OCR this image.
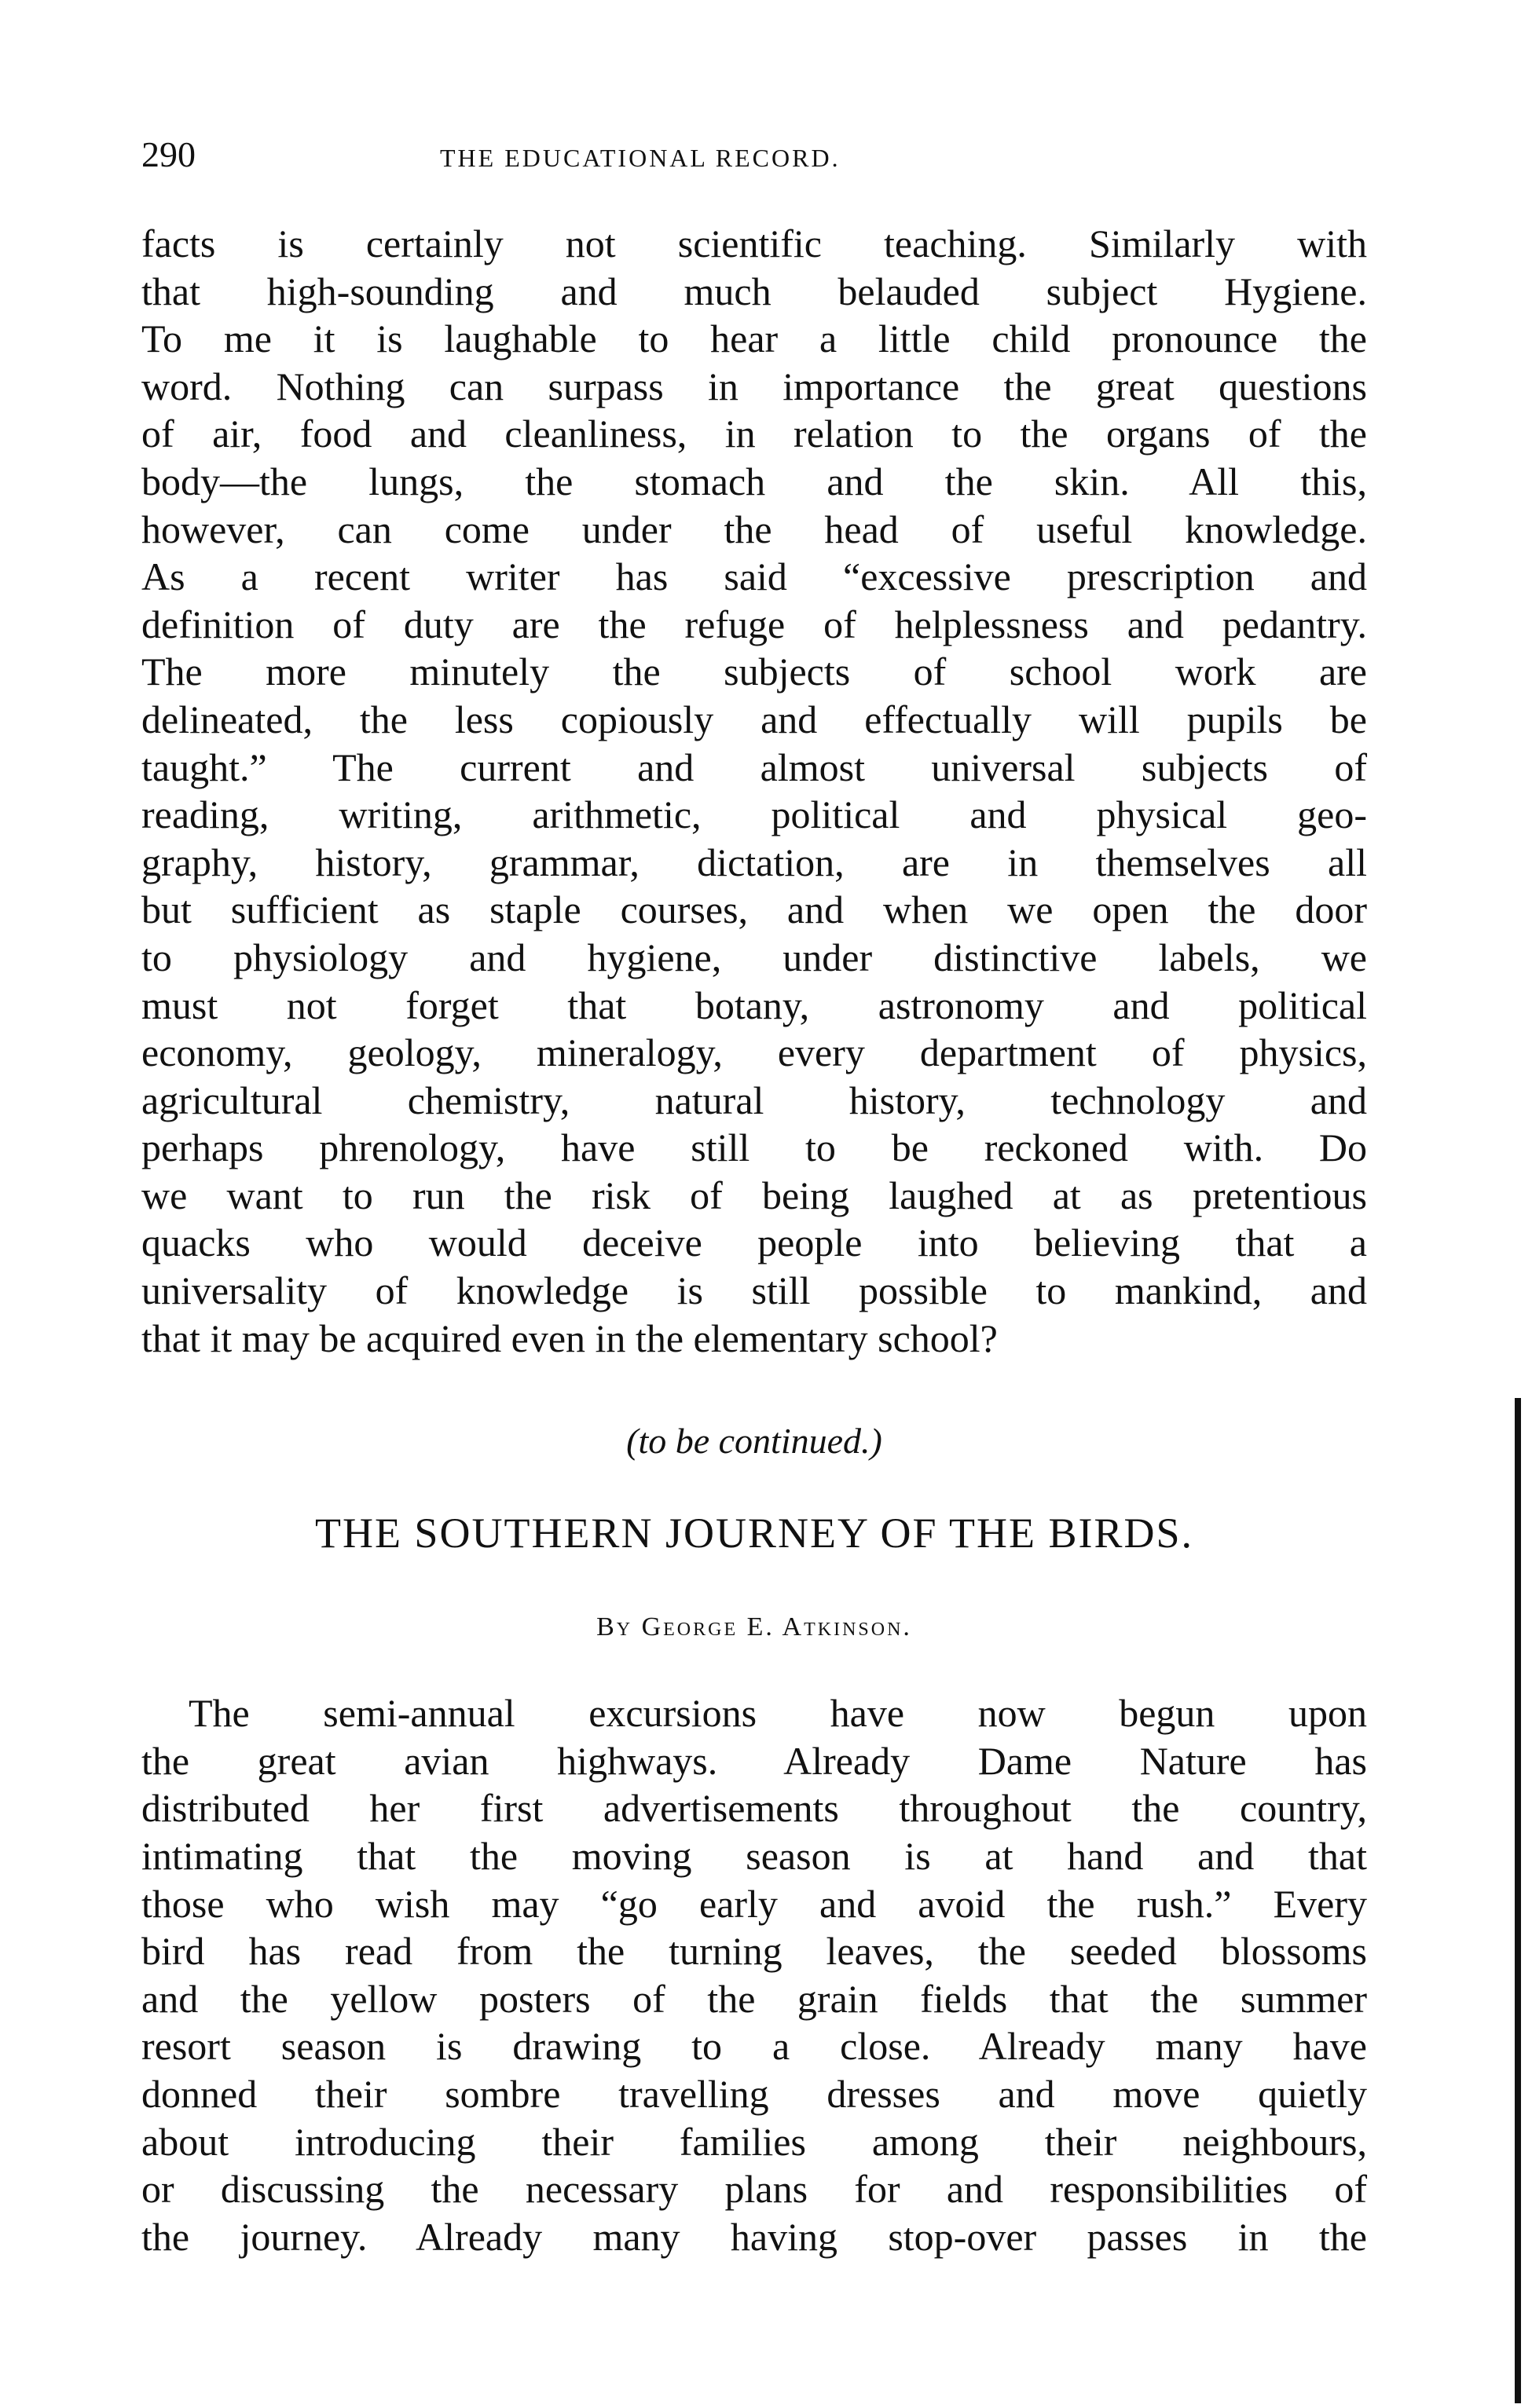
290	THE EDUCATIONAL RECORD.

facts is certainly not scientific teaching. Similarly with
that high-sounding and much belauded subject Hygiene.
To me it is laughable to hear a little child pronounce the
word. Nothing can surpass in importance the great questions
of air, food and cleanliness, in relation to the organs of the
body—the lungs, the stomach and the skin. All this,
however, can come under the head of useful knowledge.
As a recent writer has said “excessive prescription and
definition of duty are the refuge of helplessness and pedantry.
The more minutely the subjects of school work are
delineated, the less copiously and effectually will pupils be
taught.” The current and almost universal subjects of
reading, writing, arithmetic, political and physical geo-
graphy, history, grammar, dictation, are in themselves all
but sufficient as staple courses, and when we open the door
to physiology and hygiene, under distinctive labels, we
must not forget that botany, astronomy and political
economy, geology, mineralogy, every department of physics,
agricultural chemistry, natural history, technology and
perhaps phrenology, have still to be reckoned with. Do
we want to run the risk of being laughed at as pretentious
quacks who would deceive people into believing that a
universality of knowledge is still possible to mankind, and
that it may be acquired even in the elementary school?

(to be continued.)
THE SOUTHERN JOURNEY OF THE BIRDS.
By George E. Atkinson.

The semi-annual excursions have now begun upon
the great avian highways. Already Dame Nature has
distributed her first advertisements throughout the country,
intimating that the moving season is at hand and that
those who wish may “go early and avoid the rush.” Every
bird has read from the turning leaves, the seeded blossoms
and the yellow posters of the grain fields that the summer
resort season is drawing to a close. Already many have
donned their sombre travelling dresses and move quietly
about introducing their families among their neighbours,
or discussing the necessary plans for and responsibilities of
the journey. Already many having stop-over passes in the
